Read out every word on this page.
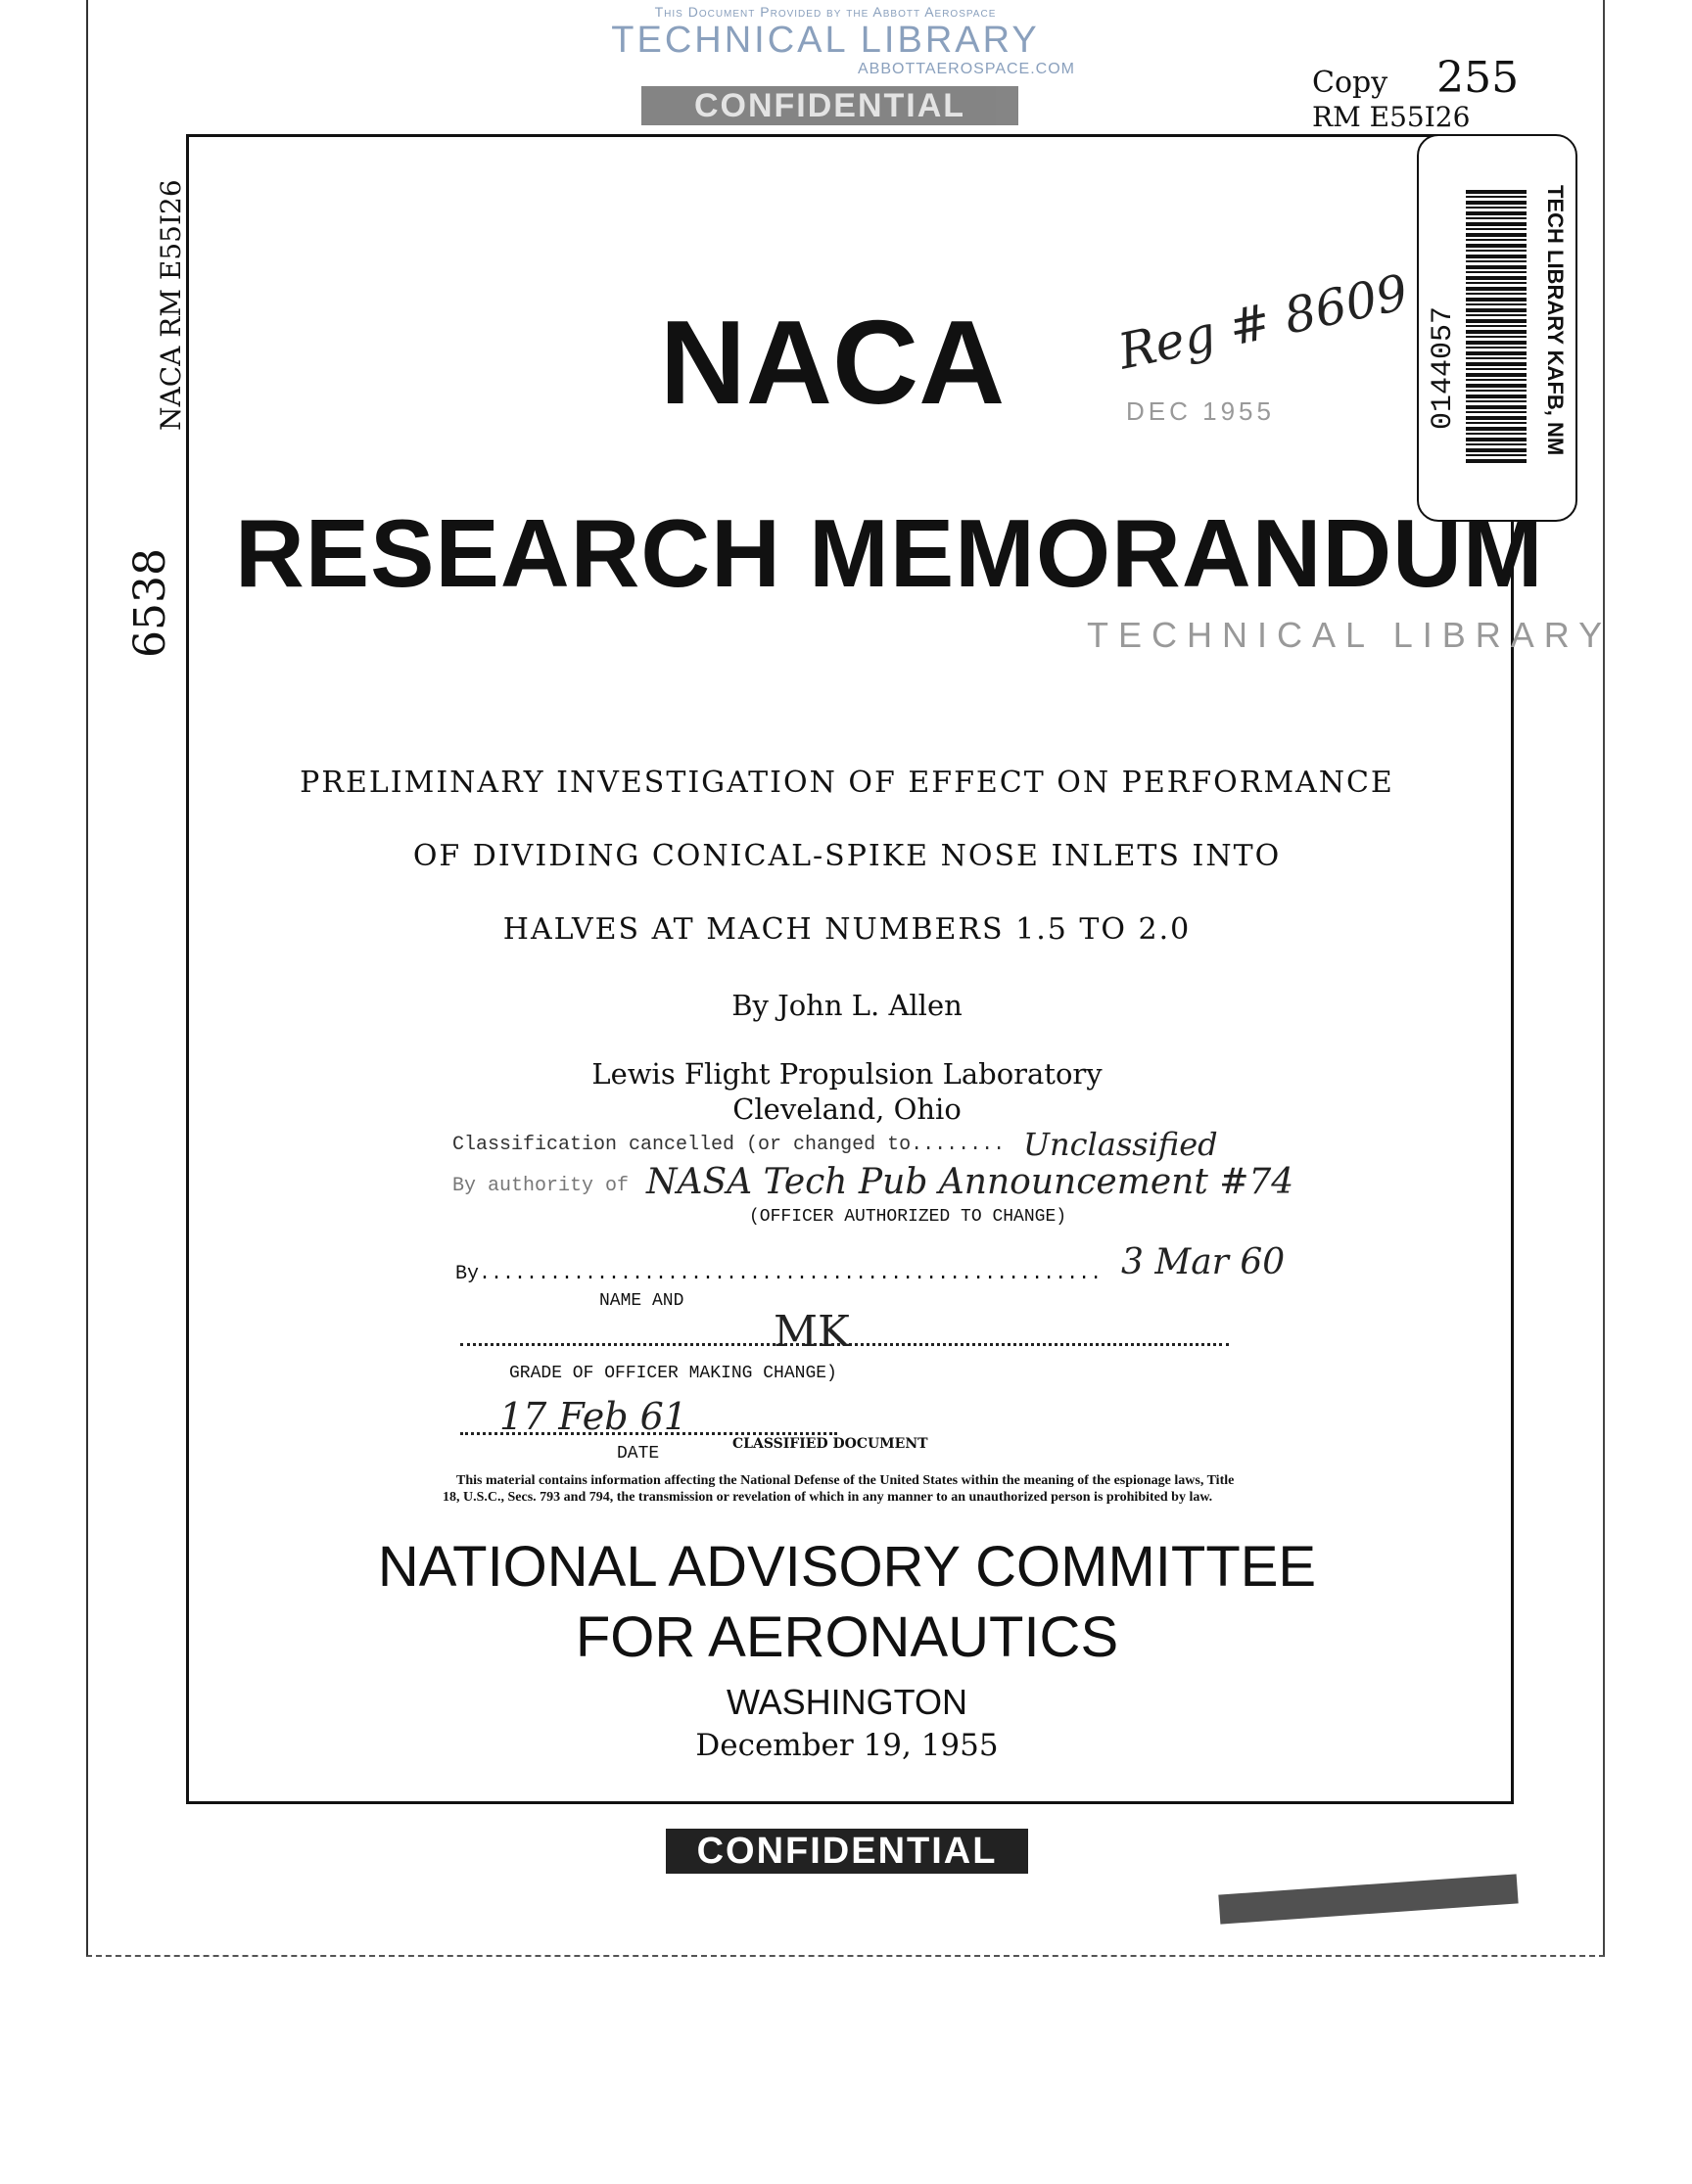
This Document Provided by the Abbott Aerospace
TECHNICAL LIBRARY
ABBOTTAEROSPACE.COM
CONFIDENTIAL
Copy 255
RM E55I26
NACA RM E55I26
6538
TECH LIBRARY KAFB, NM
0144057
Reg # 8609
DEC 1955
NACA
RESEARCH MEMORANDUM
TECHNICAL LIBRARY
PRELIMINARY INVESTIGATION OF EFFECT ON PERFORMANCE
OF DIVIDING CONICAL-SPIKE NOSE INLETS INTO
HALVES AT MACH NUMBERS 1.5 TO 2.0
By John L. Allen
Lewis Flight Propulsion Laboratory
Cleveland, Ohio
Classification cancelled (or changed to........ Unclassified
By authority of NASA Tech Pub Announcement #74
(OFFICER AUTHORIZED TO CHANGE)
By..................................................... 3 Mar 60
NAME AND
MK
GRADE OF OFFICER MAKING CHANGE)
17 Feb 61
DATE	CLASSIFIED DOCUMENT
This material contains information affecting the National Defense of the United States within the meaning of the espionage laws, Title 18, U.S.C., Secs. 793 and 794, the transmission or revelation of which in any manner to an unauthorized person is prohibited by law.
NATIONAL ADVISORY COMMITTEE
FOR AERONAUTICS
WASHINGTON
December 19, 1955
CONFIDENTIAL
